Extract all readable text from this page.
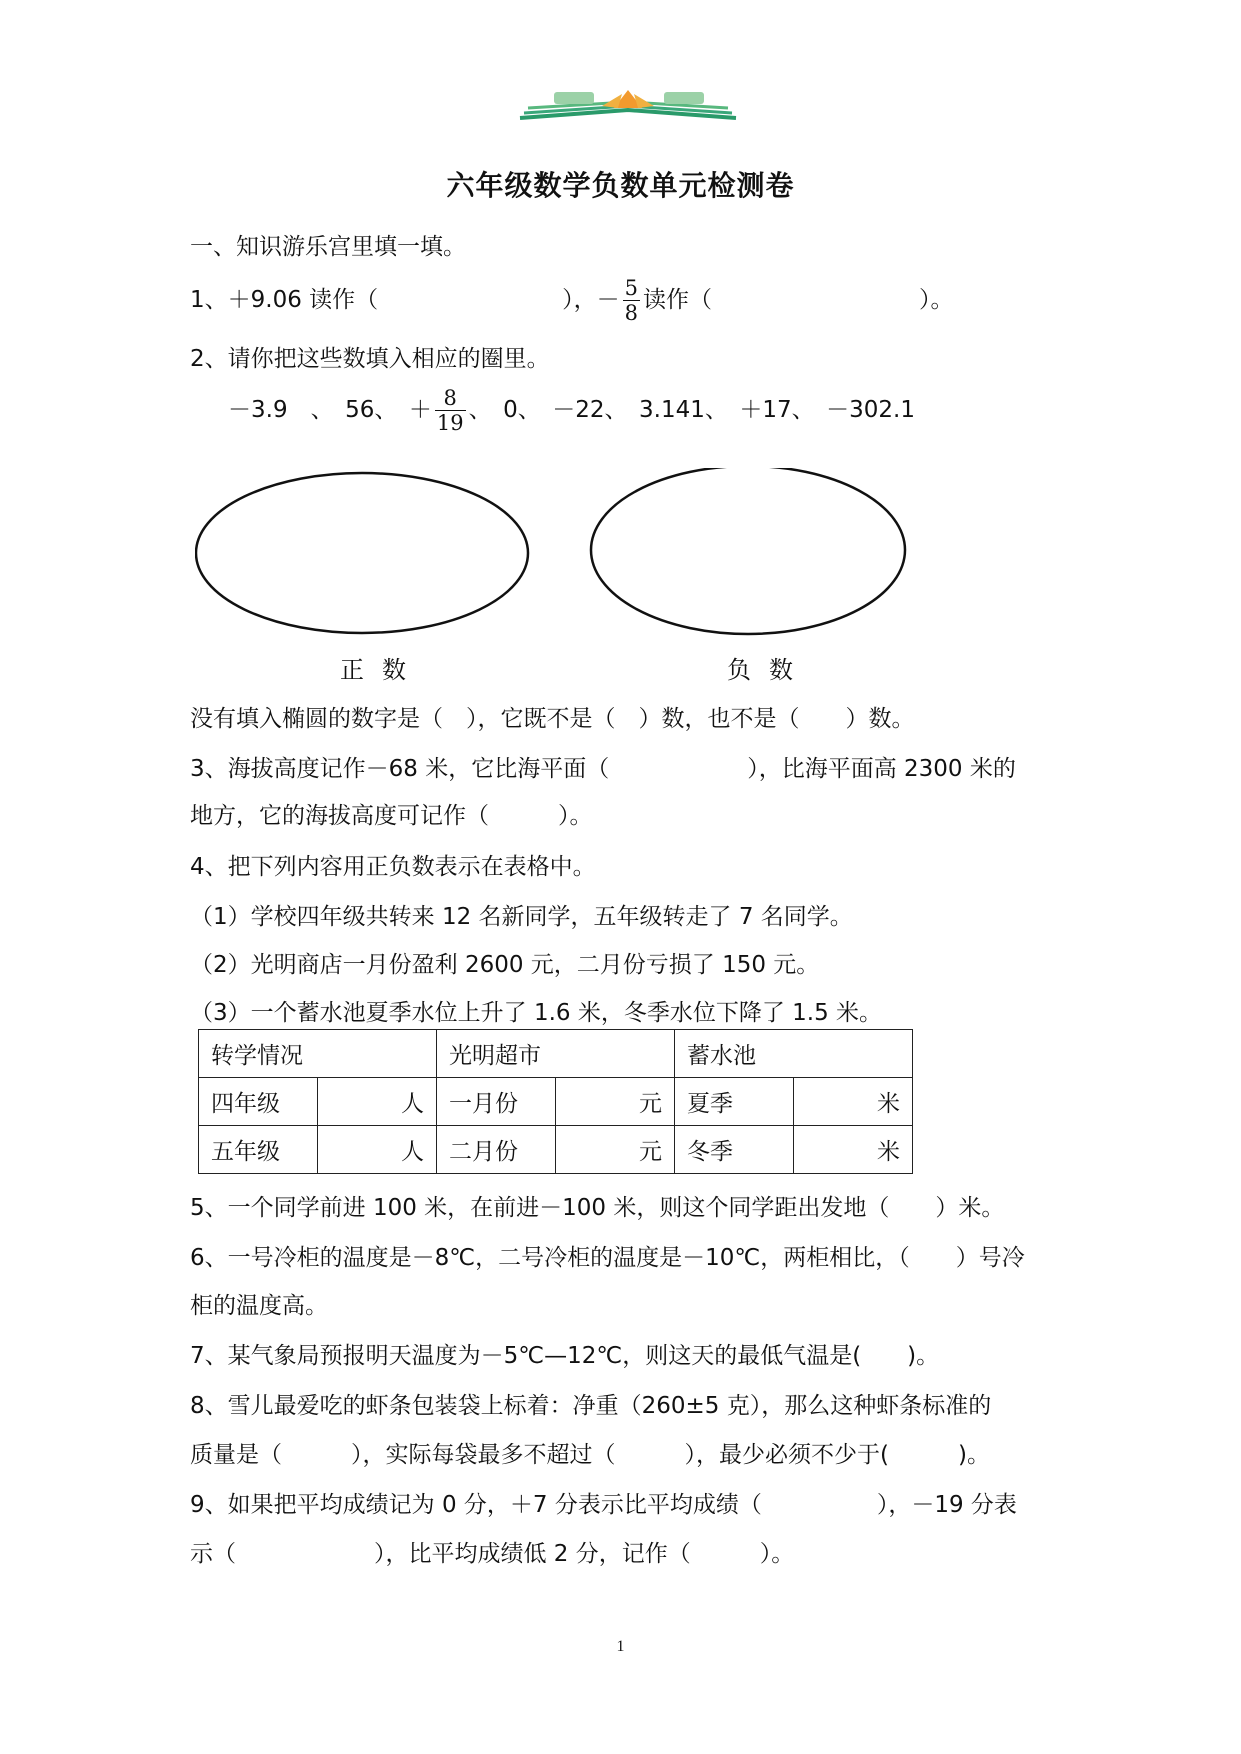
六年级数学负数单元检测卷
一、知识游乐宫里填一填。
1、＋9.06 读作（　　　　　　　　），－ $\frac{5}{8}$ 读作（　　　　　　　　　）。
2、请你把这些数填入相应的圈里。
－3.9　、　56、　＋ $\frac{8}{19}$ 、　0、　－22、　3.141、　＋17、　－302.1
正数	负数
没有填入椭圆的数字是（　），它既不是（　）数，也不是（　　）数。
3、海拔高度记作－68 米，它比海平面（　　　　　　），比海平面高 2300 米的
地方，它的海拔高度可记作（　　　）。
4、把下列内容用正负数表示在表格中。
（1）学校四年级共转来 12 名新同学，五年级转走了 7 名同学。
（2）光明商店一月份盈利 2600 元，二月份亏损了 150 元。
（3）一个蓄水池夏季水位上升了 1.6 米，冬季水位下降了 1.5 米。
转学情况		光明超市		蓄水池	
四年级	人	一月份	元	夏季	米
五年级	人	二月份	元	冬季	米
5、一个同学前进 100 米，在前进－100 米，则这个同学距出发地（　　）米。
6、一号冷柜的温度是－8℃，二号冷柜的温度是－10℃，两柜相比，（　　）号冷
柜的温度高。
7、某气象局预报明天温度为－5℃—12℃，则这天的最低气温是(　　)。
8、雪儿最爱吃的虾条包装袋上标着：净重（260±5 克），那么这种虾条标准的
质量是（　　　），实际每袋最多不超过（　　　），最少必须不少于(　　　)。
9、如果把平均成绩记为 0 分，＋7 分表示比平均成绩（　　　　　），－19 分表
示（　　　　　　），比平均成绩低 2 分，记作（　　　）。
1
